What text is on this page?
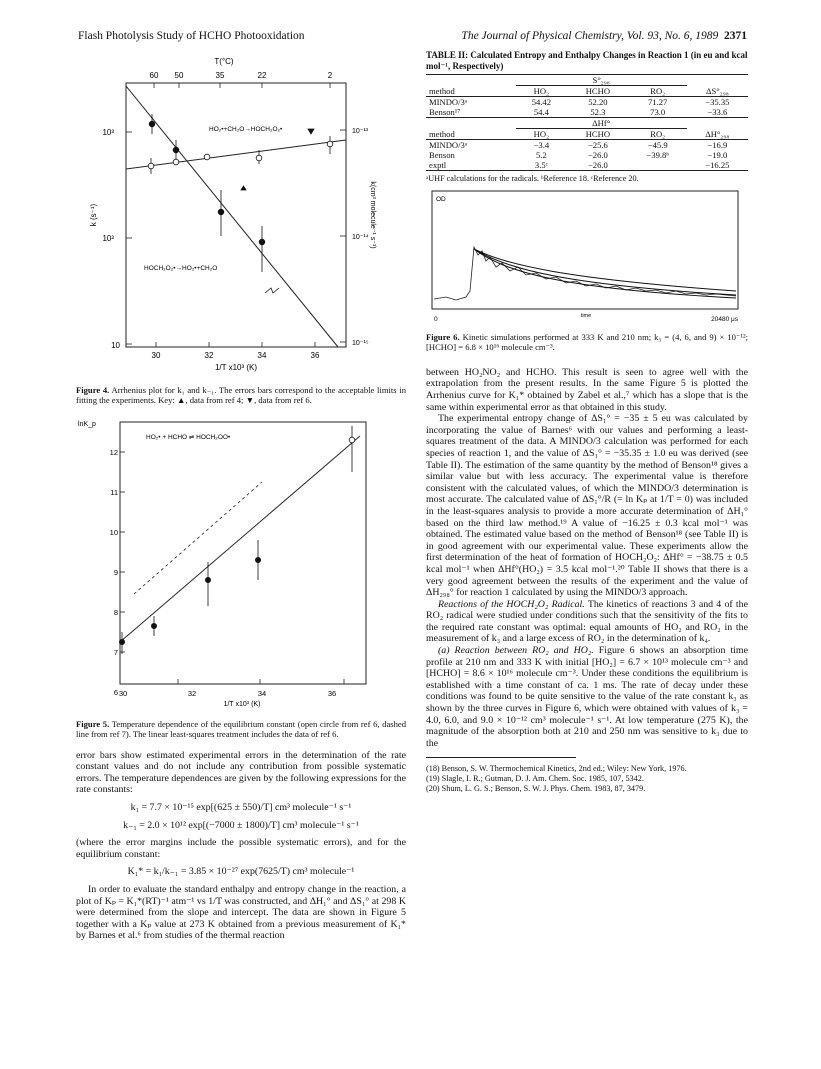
Flash Photolysis Study of HCHO Photooxidation	The Journal of Physical Chemistry, Vol. 93, No. 6, 1989 2371
T(°C)
60 50	35	22	2
10³
10²
10
10⁻¹³
10⁻¹⁴
10⁻¹⁵
k (s⁻¹)	k(cm³ molecule⁻¹ s⁻¹)
30	32	34	36
1/T x10³ (K)
HO₂•+CH₂O→HOCH₂O₂•
HOCH₂O₂•→HO₂•+CH₂O

Figure 4. Arrhenius plot for k₁ and k₋₁. The errors bars correspond to the acceptable limits in fitting the experiments. Key: ▲, data from ref 4; ▼, data from ref 6.

lnK_p
12
11
10
9
8
7
6 30	32	34	36
1/T x10³ (K)
HO₂• + HCHO ⇌ HOCH₂OO•

Figure 5. Temperature dependence of the equilibrium constant (open circle from ref 6, dashed line from ref 7). The linear least-squares treatment includes the data of ref 6.

error bars show estimated experimental errors in the determination of the rate constant values and do not include any contribution from possible systematic errors. The temperature dependences are given by the following expressions for the rate constants:

k₁ = 7.7 × 10⁻¹⁵ exp[(625 ± 550)/T] cm³ molecule⁻¹ s⁻¹
k₋₁ = 2.0 × 10¹² exp[(−7000 ± 1800)/T] cm³ molecule⁻¹ s⁻¹

(where the error margins include the possible systematic errors), and for the equilibrium constant:

K₁* = k₁/k₋₁ = 3.85 × 10⁻²⁷ exp(7625/T) cm³ molecule⁻¹

In order to evaluate the standard enthalpy and entropy change in the reaction, a plot of Kₚ = K₁*(RT)⁻¹ atm⁻¹ vs 1/T was constructed, and ΔH₁° and ΔS₁° at 298 K were determined from the slope and intercept. The data are shown in Figure 5 together with a Kₚ value at 273 K obtained from a previous measurement of K₁* by Barnes et al.⁶ from studies of the thermal reaction

TABLE II: Calculated Entropy and Enthalpy Changes in Reaction 1 (in eu and kcal mol⁻¹, Respectively)

	S°₂₉₈			
method	HO₂	HCHO	RO₂	ΔS°₂₉₈
MINDO/3ᵃ	54.42	52.20	71.27	−35.35
Benson¹⁷	54.4	52.3	73.0	−33.6
	ΔHf°			
method	HO₂	HCHO	RO₂	ΔH°₂₉₈
MINDO/3ᵃ	−3.4	−25.6	−45.9	−16.9
Benson	5.2	−26.0	−39.8ᵇ	−19.0
exptl	3.5ᶜ	−26.0		−16.25

ᵃUHF calculations for the radicals. ᵇReference 18. ᶜReference 20.

OD
0	time	20480 μs

Figure 6. Kinetic simulations performed at 333 K and 210 nm; k₃ = (4, 6, and 9) × 10⁻¹²; [HCHO] = 6.8 × 10¹⁶ molecule cm⁻³.

between HO₂NO₂ and HCHO. This result is seen to agree well with the extrapolation from the present results. In the same Figure 5 is plotted the Arrhenius curve for K₁* obtained by Zabel et al.,⁷ which has a slope that is the same within experimental error as that obtained in this study.

The experimental entropy change of ΔS₁° = −35 ± 5 eu was calculated by incorporating the value of Barnes⁶ with our values and performing a least-squares treatment of the data. A MINDO/3 calculation was performed for each species of reaction 1, and the value of ΔS₁° = −35.35 ± 1.0 eu was derived (see Table II). The estimation of the same quantity by the method of Benson¹⁸ gives a similar value but with less accuracy. The experimental value is therefore consistent with the calculated values, of which the MINDO/3 determination is most accurate. The calculated value of ΔS₁°/R (= ln Kₚ at 1/T = 0) was included in the least-squares analysis to provide a more accurate determination of ΔH₁° based on the third law method.¹⁹ A value of −16.25 ± 0.3 kcal mol⁻¹ was obtained. The estimated value based on the method of Benson¹⁸ (see Table II) is in good agreement with our experimental value. These experiments allow the first determination of the heat of formation of HOCH₂O₂: ΔHf° = −38.75 ± 0.5 kcal mol⁻¹ when ΔHf°(HO₂) = 3.5 kcal mol⁻¹.²⁰ Table II shows that there is a very good agreement between the results of the experiment and the value of ΔH₂₉₈° for reaction 1 calculated by using the MINDO/3 approach.

Reactions of the HOCH₂O₂ Radical. The kinetics of reactions 3 and 4 of the RO₂ radical were studied under conditions such that the sensitivity of the fits to the required rate constant was optimal: equal amounts of HO₂ and RO₂ in the measurement of k₃ and a large excess of RO₂ in the determination of k₄.

(a) Reaction between RO₂ and HO₂. Figure 6 shows an absorption time profile at 210 nm and 333 K with initial [HO₂] = 6.7 × 10¹³ molecule cm⁻³ and [HCHO] = 8.6 × 10¹⁶ molecule cm⁻³. Under these conditions the equilibrium is established with a time constant of ca. 1 ms. The rate of decay under these conditions was found to be quite sensitive to the value of the rate constant k₃ as shown by the three curves in Figure 6, which were obtained with values of k₃ = 4.0, 6.0, and 9.0 × 10⁻¹² cm³ molecule⁻¹ s⁻¹. At low temperature (275 K), the magnitude of the absorption both at 210 and 250 nm was sensitive to k₃ due to the

(18) Benson, S. W. Thermochemical Kinetics, 2nd ed.; Wiley: New York, 1976.
(19) Slagle, I. R.; Gutman, D. J. Am. Chem. Soc. 1985, 107, 5342.
(20) Shum, L. G. S.; Benson, S. W. J. Phys. Chem. 1983, 87, 3479.
